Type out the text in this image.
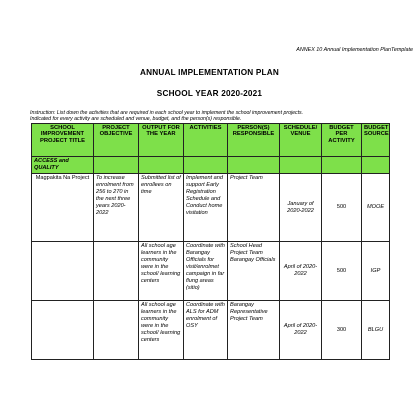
ANNEX 10 Annual Implementation PlanTemplate
ANNUAL IMPLEMENTATION PLAN
SCHOOL YEAR 2020-2021
Instruction: List down the activities that are required in each school year to implement the school improvement projects.
Indicated for every activity are scheduled and venue, budget, and the person(s) responsible.
SCHOOL IMPROVEMENT PROJECT TITLE	PROJECT OBJECTIVE	OUTPUT FOR THE YEAR	ACTIVITIES	PERSON(S) RESPONSIBLE	SCHEDULE/ VENUE	BUDGET PER ACTIVITY	BUDGET SOURCE
ACCESS and QUALITY							
Magpakita Na Project	To increase enrolment from 256 to 270 in the next three years 2020-2022	Submitted list of enrollees on time	Implement and support Early Registration Schedule and Conduct home visitation	Project Team	January of 2020-2022	500	MOOE
		All school age learners in the community were in the school/ learning centers	Coordinate with Barangay Officials for visit/enrolmet campaign in far flung areas (sitio)	School Head Project Team Barangay Officials	April of 2020-2022	500	IGP
		All school age learners in the community were in the school/ learning centers	Coordinate with ALS for ADM enrolment of OSY	Barangay Representative Project Team	April of 2020-2022	300	BLGU
